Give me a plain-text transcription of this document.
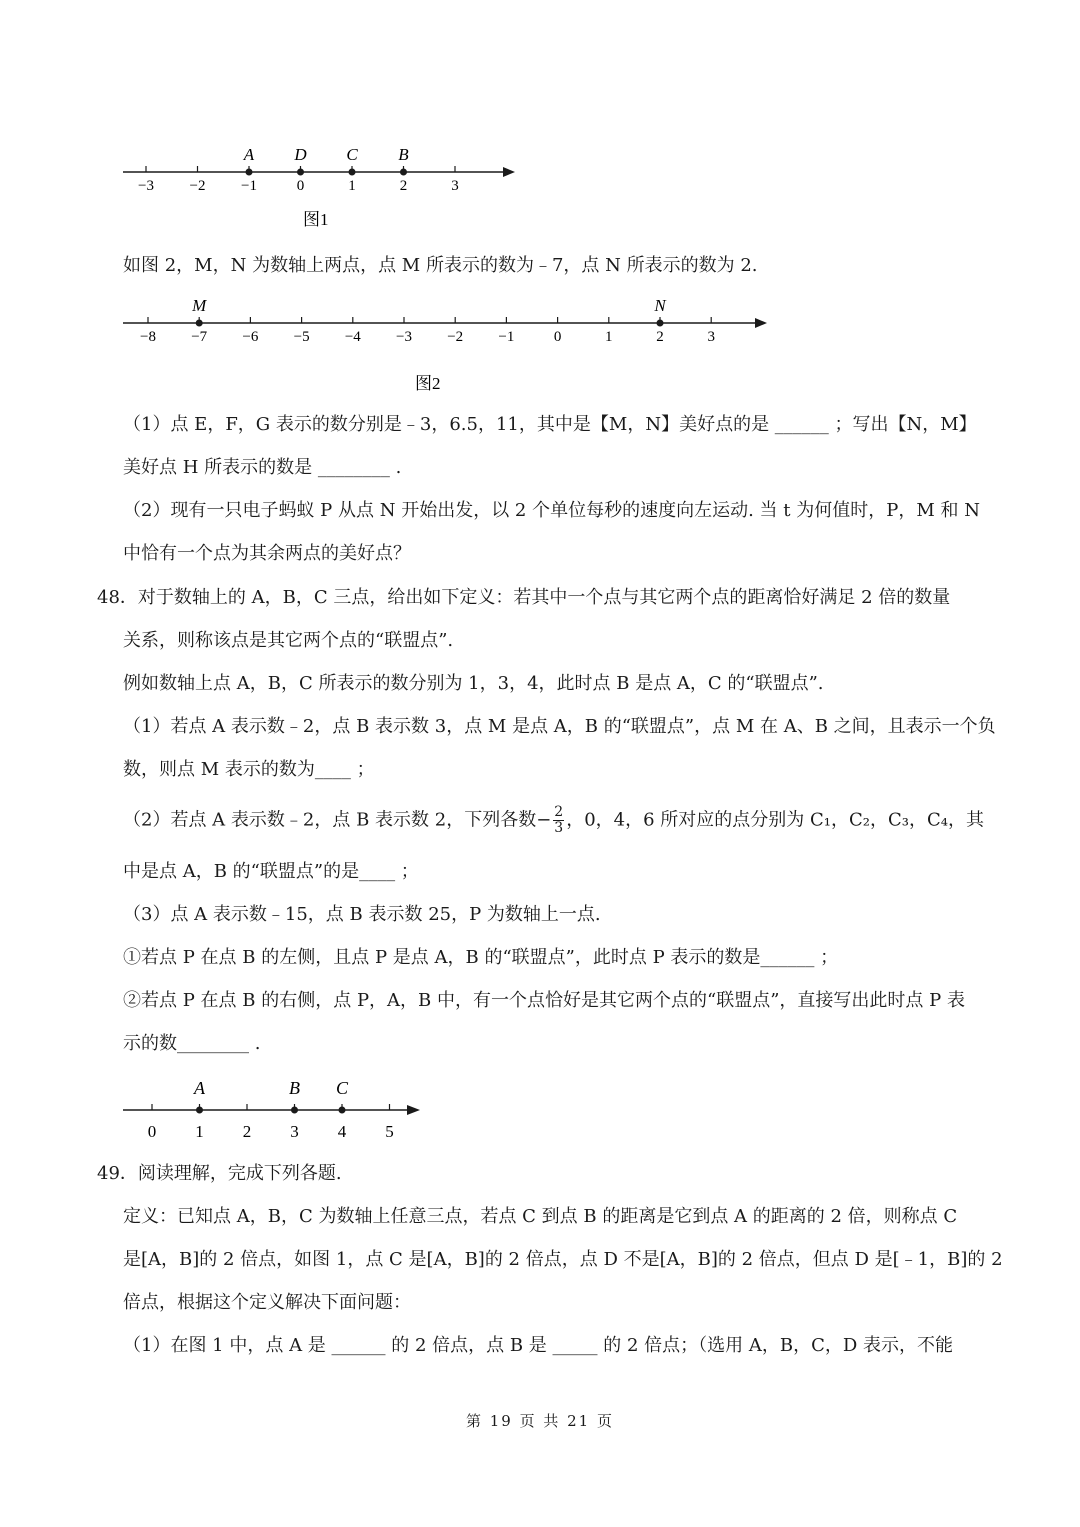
−3 −2 −1	0	1	2	3
A D C B
图1
如图 2，M，N 为数轴上两点，点 M 所表示的数为﹣7，点 N 所表示的数为 2.
−8 −7 −6 −5 −4 −3 −2 −1	0	1	2	3
M	N
图2
（1）点 E，F，G 表示的数分别是﹣3，6.5，11，其中是【M，N】美好点的是 ______ ；写出【N，M】
美好点 H 所表示的数是 ________ .
（2）现有一只电子蚂蚁 P 从点 N 开始出发，以 2 个单位每秒的速度向左运动. 当 t 为何值时，P，M 和 N
中恰有一个点为其余两点的美好点？
48．对于数轴上的 A，B，C 三点，给出如下定义：若其中一个点与其它两个点的距离恰好满足 2 倍的数量
关系，则称该点是其它两个点的“联盟点”.
例如数轴上点 A，B，C 所表示的数分别为 1，3，4，此时点 B 是点 A，C 的“联盟点”.
（1）若点 A 表示数﹣2，点 B 表示数 3，点 M 是点 A，B 的“联盟点”，点 M 在 A、B 之间，且表示一个负
数，则点 M 表示的数为____ ；
（2）若点 A 表示数﹣2，点 B 表示数 2，下列各数− $\frac{2}{3}$ ，0，4，6 所对应的点分别为 C₁，C₂，C₃，C₄，其
中是点 A，B 的“联盟点”的是____ ；
（3）点 A 表示数﹣15，点 B 表示数 25，P 为数轴上一点.
①若点 P 在点 B 的左侧，且点 P 是点 A，B 的“联盟点”，此时点 P 表示的数是______ ；
②若点 P 在点 B 的右侧，点 P，A，B 中，有一个点恰好是其它两个点的“联盟点”，直接写出此时点 P 表
示的数________ .
0 1 2 3 4 5
A	B C
49．阅读理解，完成下列各题.
定义：已知点 A，B，C 为数轴上任意三点，若点 C 到点 B 的距离是它到点 A 的距离的 2 倍，则称点 C
是[A，B]的 2 倍点，如图 1，点 C 是[A，B]的 2 倍点，点 D 不是[A，B]的 2 倍点，但点 D 是[﹣1，B]的 2
倍点，根据这个定义解决下面问题：
（1）在图 1 中，点 A 是 ______ 的 2 倍点，点 B 是 _____ 的 2 倍点；（选用 A，B，C，D 表示，不能
第 19 页 共 21 页
